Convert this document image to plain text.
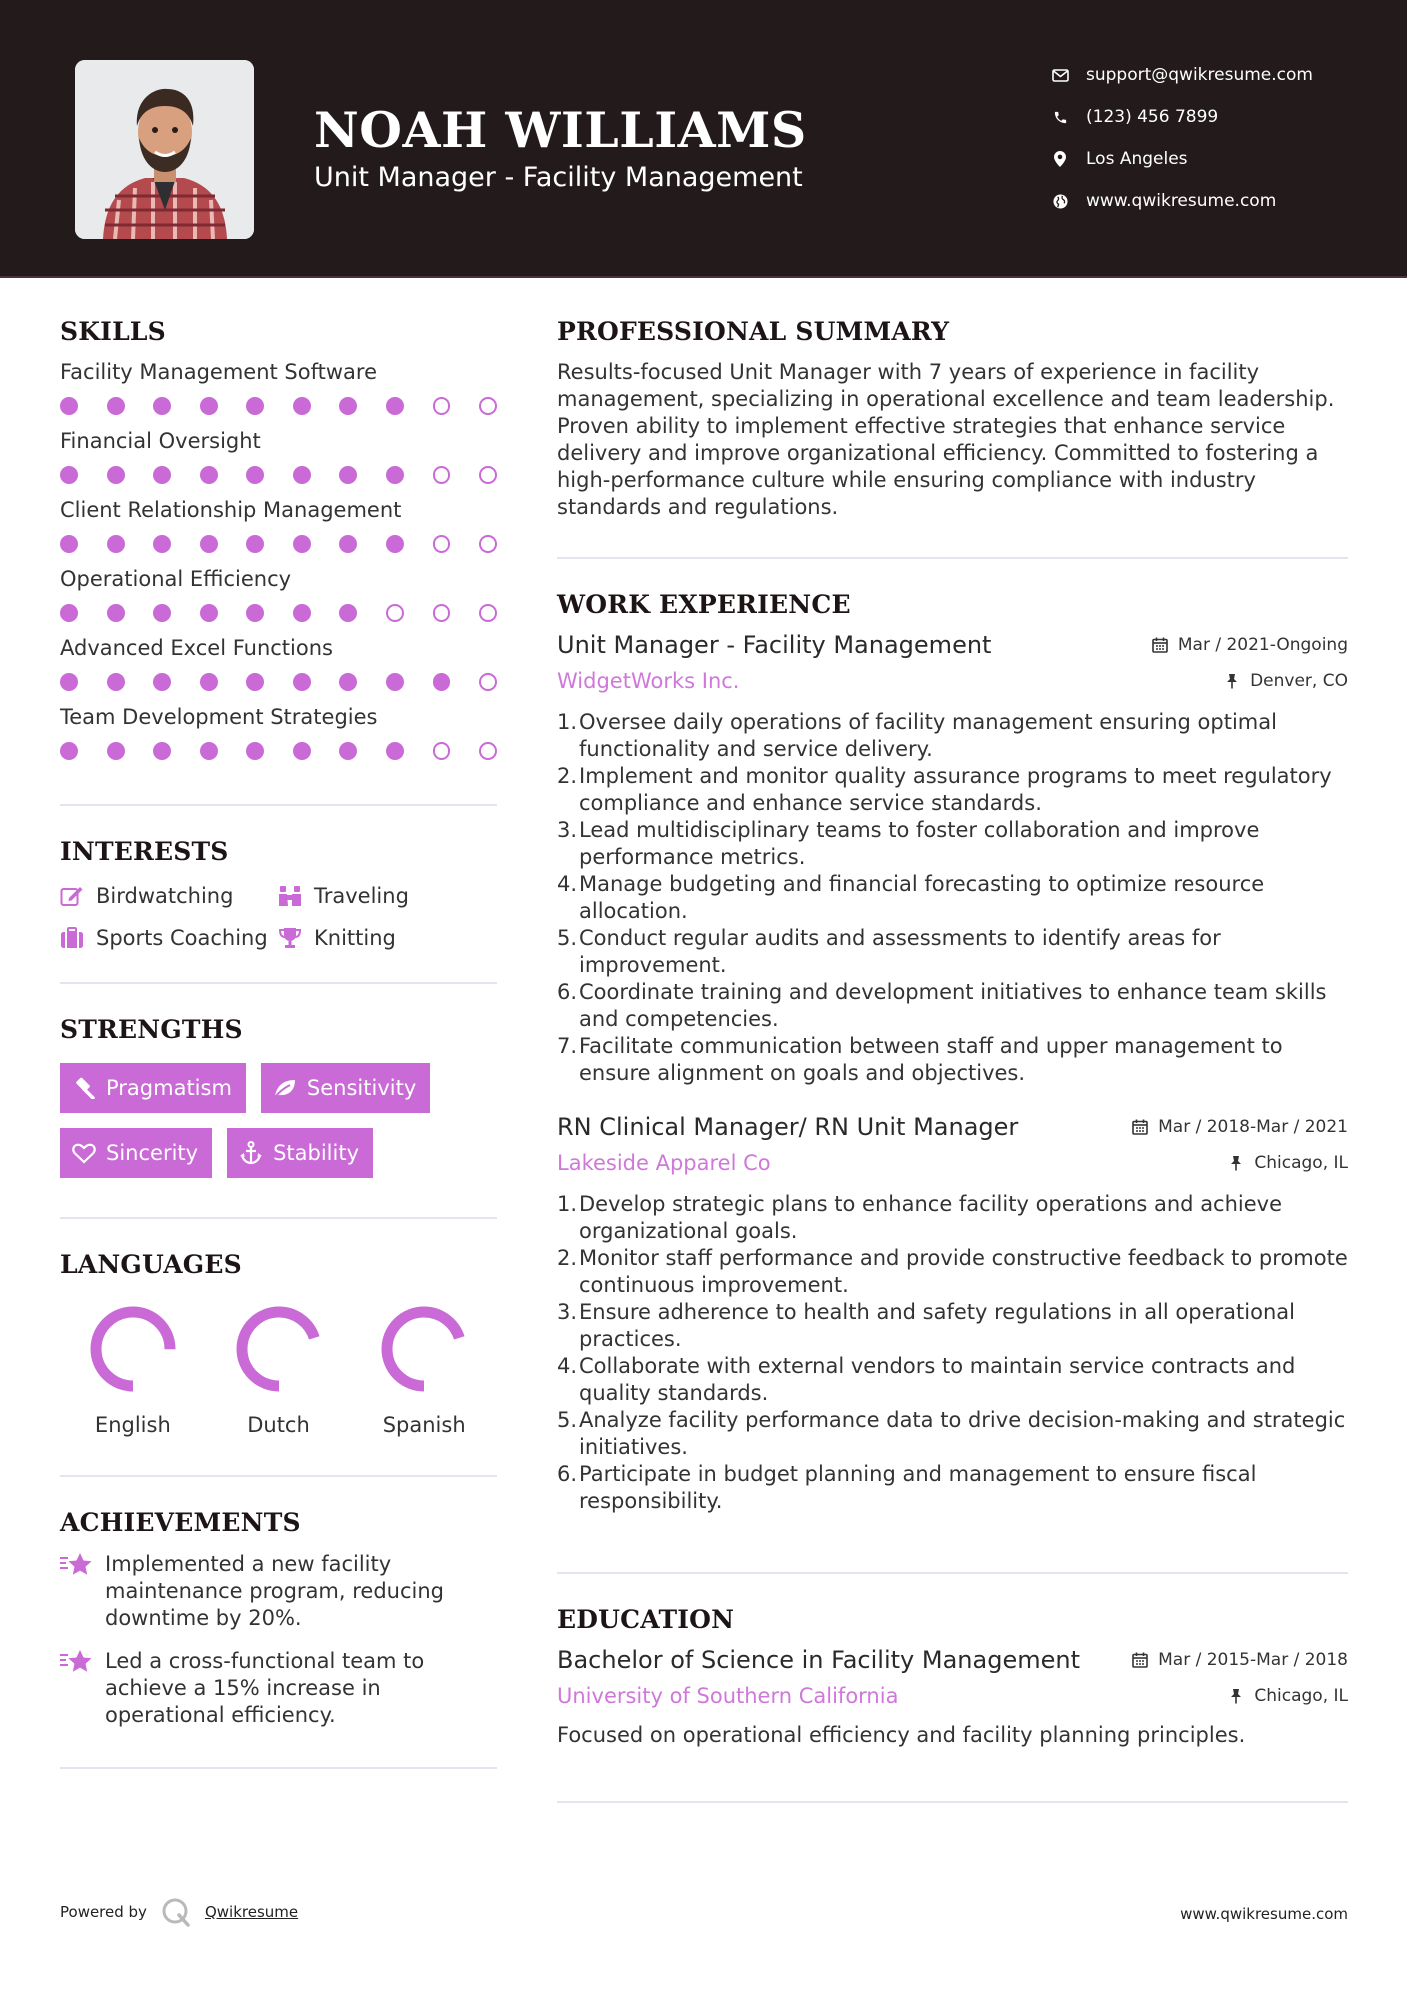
NOAH WILLIAMS
Unit Manager - Facility Management
support@qwikresume.com
(123) 456 7899
Los Angeles
www.qwikresume.com
SKILLS
Facility Management Software
Financial Oversight
Client Relationship Management
Operational Efficiency
Advanced Excel Functions
Team Development Strategies
INTERESTS
Birdwatching	Traveling
Sports Coaching Knitting
STRENGTHS
Pragmatism	Sensitivity
Sincerity	Stability
LANGUAGES
English	Dutch	Spanish
ACHIEVEMENTS
Implemented a new facility maintenance program, reducing downtime by 20%.
Led a cross-functional team to achieve a 15% increase in operational efficiency.
PROFESSIONAL SUMMARY
Results-focused Unit Manager with 7 years of experience in facility management, specializing in operational excellence and team leadership. Proven ability to implement effective strategies that enhance service delivery and improve organizational efficiency. Committed to fostering a high-performance culture while ensuring compliance with industry standards and regulations.
WORK EXPERIENCE
Unit Manager - Facility Management	Mar / 2021-Ongoing
WidgetWorks Inc.	Denver, CO
1. Oversee daily operations of facility management ensuring optimal functionality and service delivery.
2. Implement and monitor quality assurance programs to meet regulatory compliance and enhance service standards.
3. Lead multidisciplinary teams to foster collaboration and improve performance metrics.
4. Manage budgeting and financial forecasting to optimize resource allocation.
5. Conduct regular audits and assessments to identify areas for improvement.
6. Coordinate training and development initiatives to enhance team skills and competencies.
7. Facilitate communication between staff and upper management to ensure alignment on goals and objectives.
RN Clinical Manager/ RN Unit Manager	Mar / 2018-Mar / 2021
Lakeside Apparel Co	Chicago, IL
1. Develop strategic plans to enhance facility operations and achieve organizational goals.
2. Monitor staff performance and provide constructive feedback to promote continuous improvement.
3. Ensure adherence to health and safety regulations in all operational practices.
4. Collaborate with external vendors to maintain service contracts and quality standards.
5. Analyze facility performance data to drive decision-making and strategic initiatives.
6. Participate in budget planning and management to ensure fiscal responsibility.
EDUCATION
Bachelor of Science in Facility Management	Mar / 2015-Mar / 2018
University of Southern California	Chicago, IL
Focused on operational efficiency and facility planning principles.
Powered by	Qwikresume	www.qwikresume.com
